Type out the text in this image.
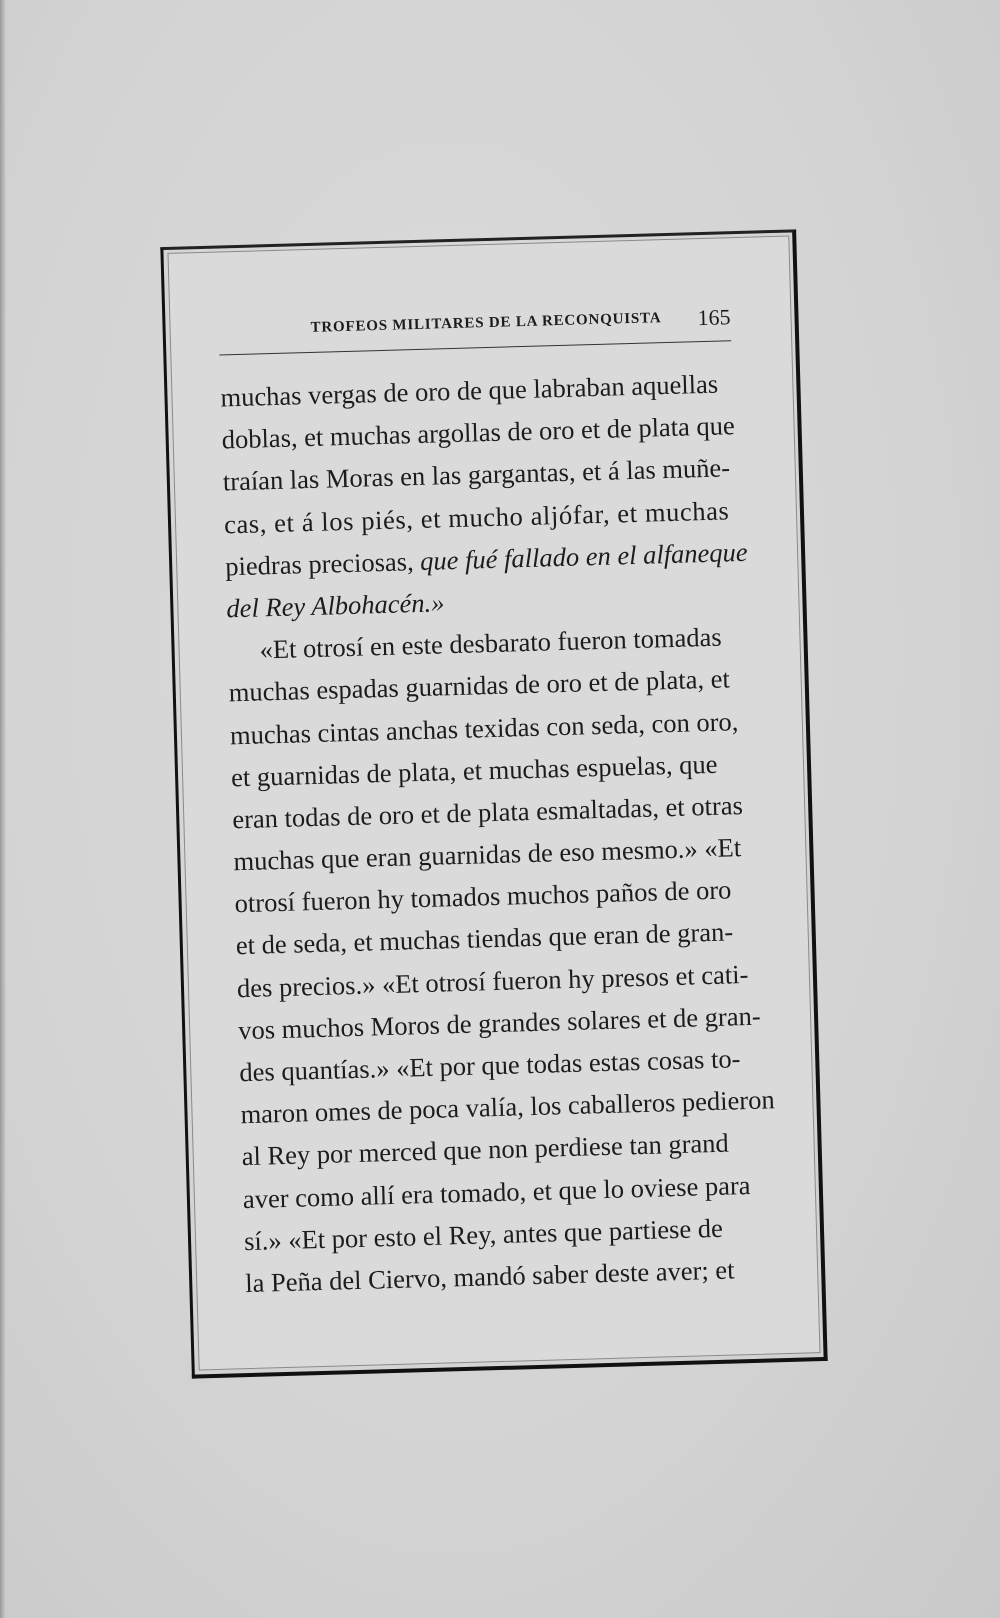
TROFEOS MILITARES DE LA RECONQUISTA 165
muchas vergas de oro de que labraban aquellas
doblas, et muchas argollas de oro et de plata que
traían las Moras en las gargantas, et á las muñe-
cas, et á los piés, et mucho aljófar, et muchas
piedras preciosas, que fué fallado en el alfaneque
del Rey Albohacén.»
«Et otrosí en este desbarato fueron tomadas
muchas espadas guarnidas de oro et de plata, et
muchas cintas anchas texidas con seda, con oro,
et guarnidas de plata, et muchas espuelas, que
eran todas de oro et de plata esmaltadas, et otras
muchas que eran guarnidas de eso mesmo.» «Et
otrosí fueron hy tomados muchos paños de oro
et de seda, et muchas tiendas que eran de gran-
des precios.» «Et otrosí fueron hy presos et cati-
vos muchos Moros de grandes solares et de gran-
des quantías.» «Et por que todas estas cosas to-
maron omes de poca valía, los caballeros pedieron
al Rey por merced que non perdiese tan grand
aver como allí era tomado, et que lo oviese para
sí.» «Et por esto el Rey, antes que partiese de
la Peña del Ciervo, mandó saber deste aver; et
